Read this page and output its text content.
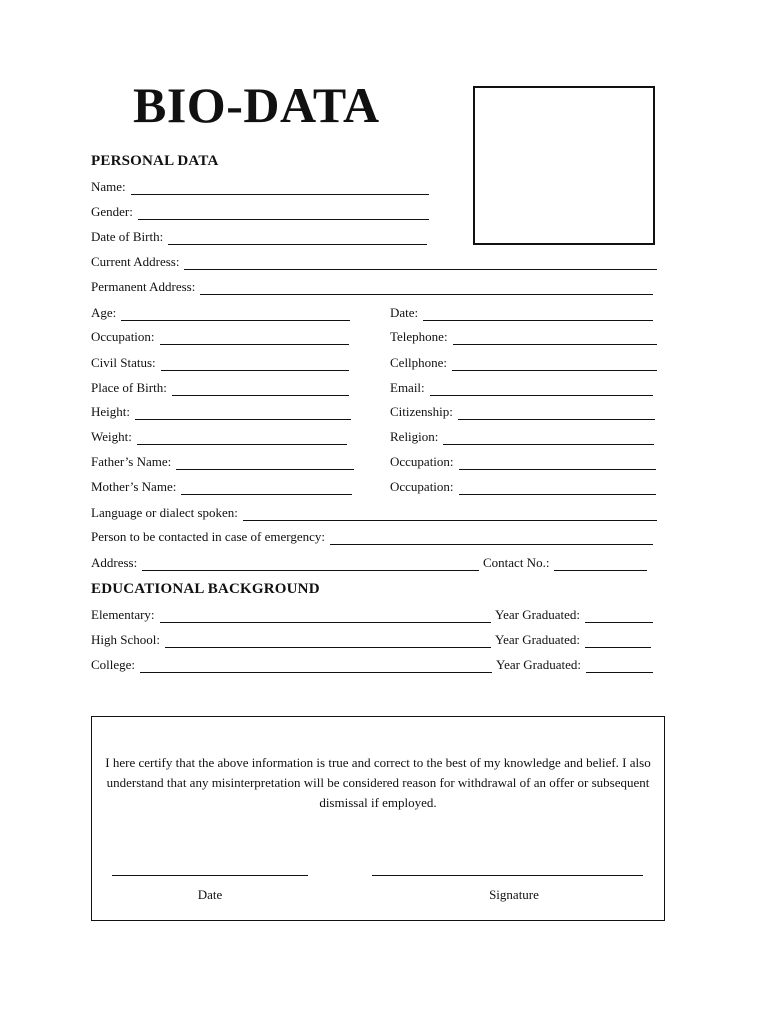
BIO-DATA
PERSONAL DATA
Name:
Gender:
Date of Birth:
Current Address:
Permanent Address:
Age:	Date:
Occupation:	Telephone:
Civil Status:	Cellphone:
Place of Birth:	Email:
Height:	Citizenship:
Weight:	Religion:
Father’s Name:	Occupation:
Mother’s Name:	Occupation:
Language or dialect spoken:
Person to be contacted in case of emergency:
Address:	Contact No.:
EDUCATIONAL BACKGROUND
Elementary:	Year Graduated:
High School:	Year Graduated:
College:	Year Graduated:
I here certify that the above information is true and correct to the best of my knowledge and belief. I also understand that any misinterpretation will be considered reason for withdrawal of an offer or subsequent dismissal if employed.
Date	Signature
